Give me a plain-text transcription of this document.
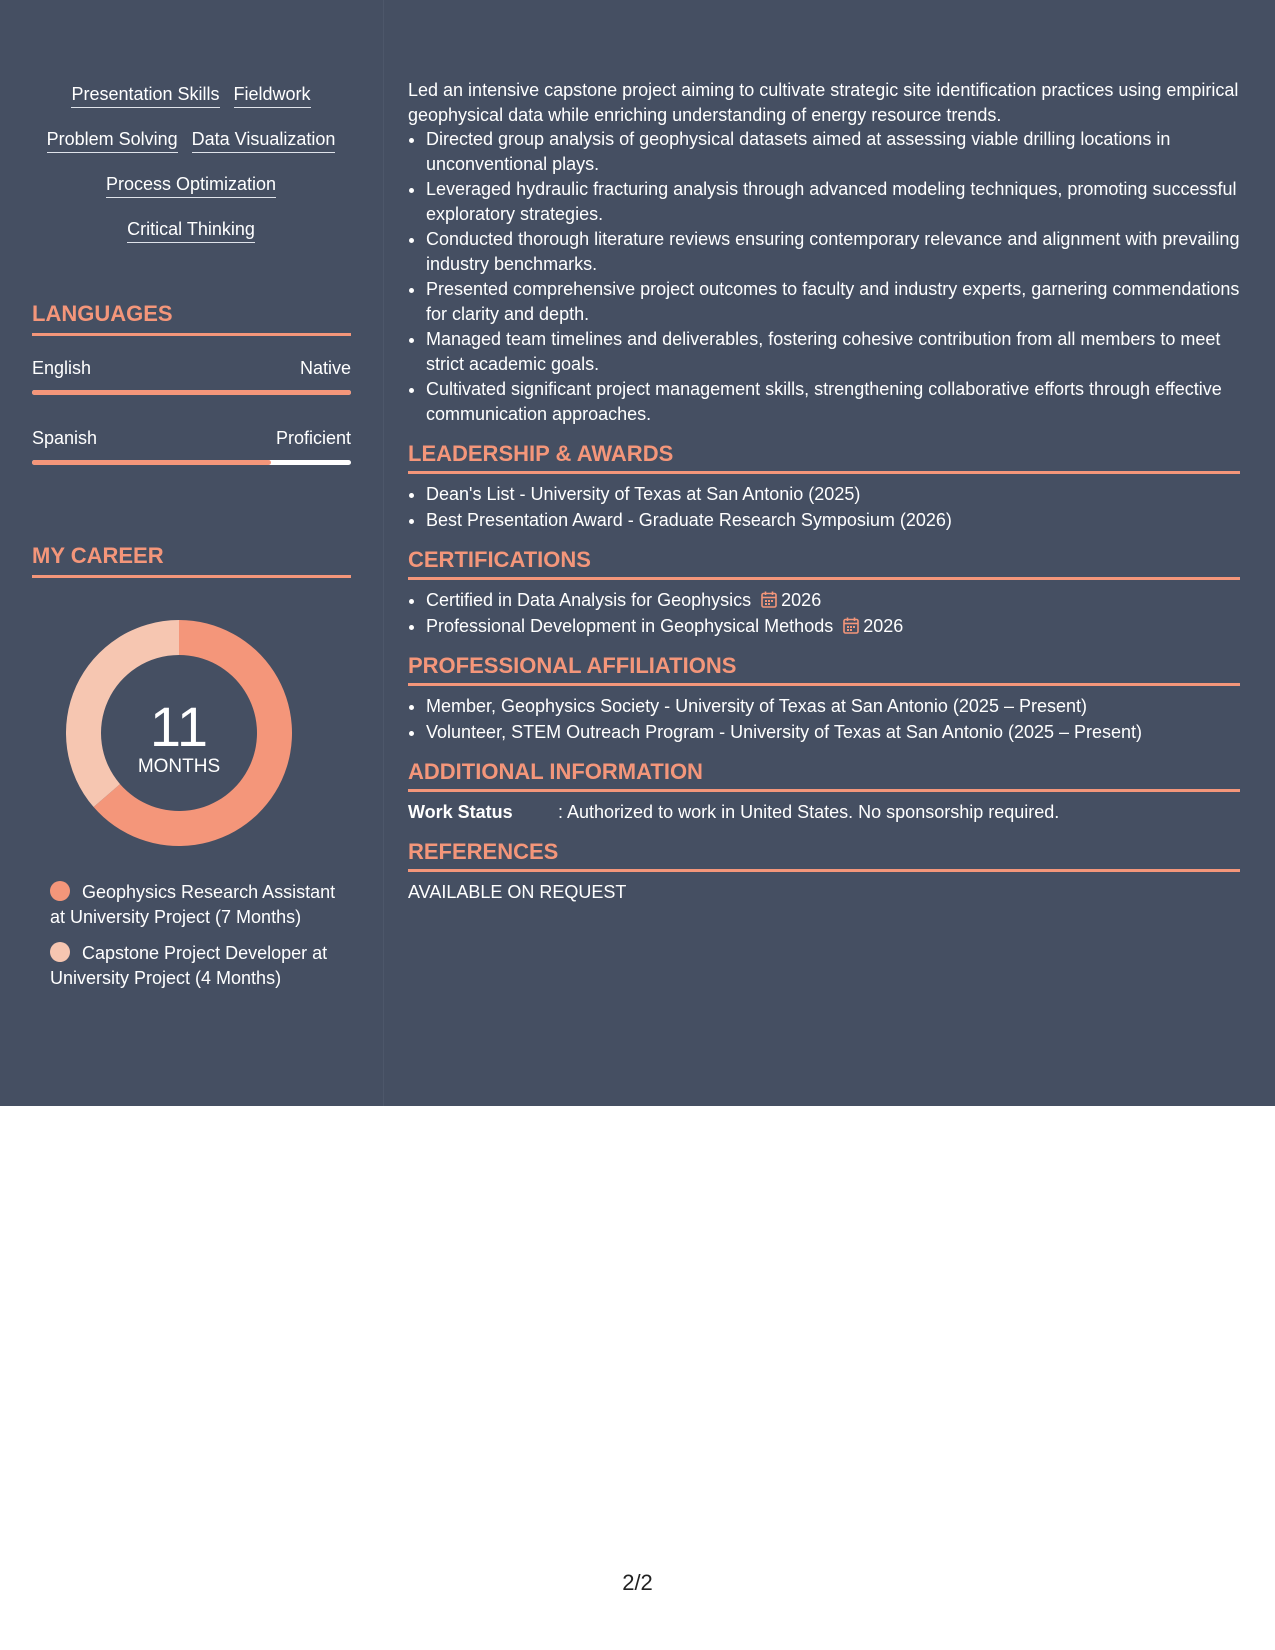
Presentation Skills Fieldwork
Problem Solving Data Visualization
Process Optimization
Critical Thinking
LANGUAGES
English	Native
Spanish	Proficient
MY CAREER
11
MONTHS
Geophysics Research Assistant at University Project (7 Months)
Capstone Project Developer at University Project (4 Months)
Led an intensive capstone project aiming to cultivate strategic site identification practices using empirical geophysical data while enriching understanding of energy resource trends.
• Directed group analysis of geophysical datasets aimed at assessing viable drilling locations in unconventional plays.
• Leveraged hydraulic fracturing analysis through advanced modeling techniques, promoting successful exploratory strategies.
• Conducted thorough literature reviews ensuring contemporary relevance and alignment with prevailing industry benchmarks.
• Presented comprehensive project outcomes to faculty and industry experts, garnering commendations for clarity and depth.
• Managed team timelines and deliverables, fostering cohesive contribution from all members to meet strict academic goals.
• Cultivated significant project management skills, strengthening collaborative efforts through effective communication approaches.
LEADERSHIP & AWARDS
• Dean's List - University of Texas at San Antonio (2025)
• Best Presentation Award - Graduate Research Symposium (2026)
CERTIFICATIONS
• Certified in Data Analysis for Geophysics 2026
• Professional Development in Geophysical Methods 2026
PROFESSIONAL AFFILIATIONS
• Member, Geophysics Society - University of Texas at San Antonio (2025 – Present)
• Volunteer, STEM Outreach Program - University of Texas at San Antonio (2025 – Present)
ADDITIONAL INFORMATION
Work Status	: Authorized to work in United States. No sponsorship required.
REFERENCES
AVAILABLE ON REQUEST
2/2
